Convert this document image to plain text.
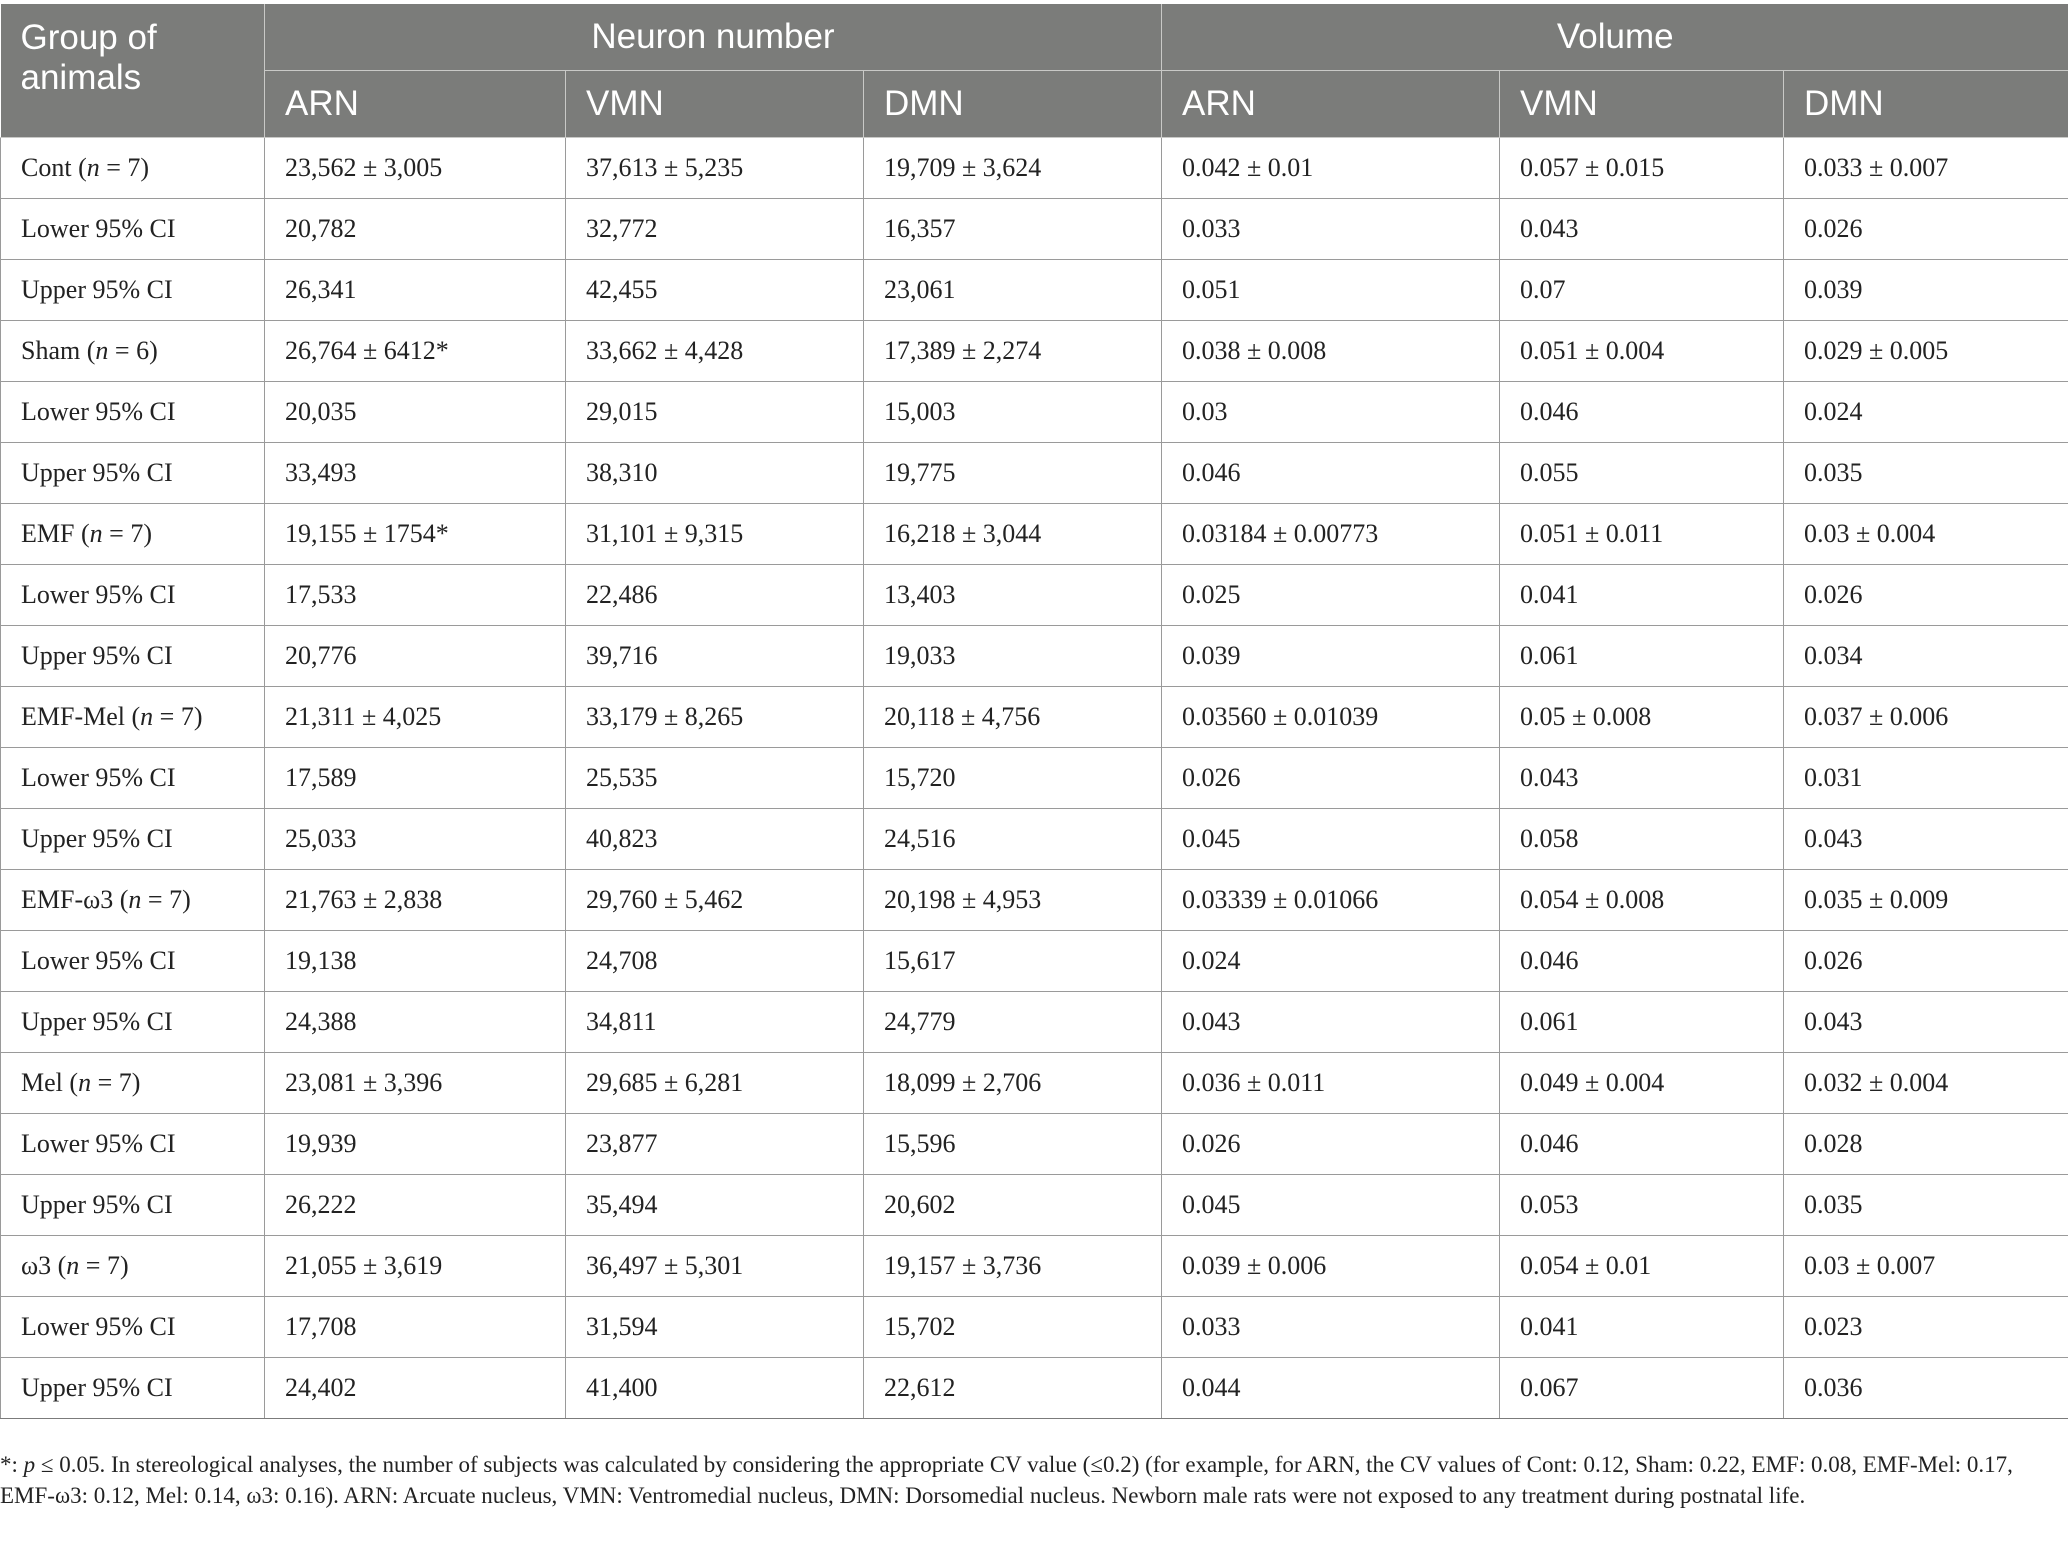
Group of animals	Neuron number			Volume		
	ARN	VMN	DMN	ARN	VMN	DMN
Cont (n = 7)	23,562 ± 3,005	37,613 ± 5,235	19,709 ± 3,624	0.042 ± 0.01	0.057 ± 0.015	0.033 ± 0.007
Lower 95% CI	20,782	32,772	16,357	0.033	0.043	0.026
Upper 95% CI	26,341	42,455	23,061	0.051	0.07	0.039
Sham (n = 6)	26,764 ± 6412*	33,662 ± 4,428	17,389 ± 2,274	0.038 ± 0.008	0.051 ± 0.004	0.029 ± 0.005
Lower 95% CI	20,035	29,015	15,003	0.03	0.046	0.024
Upper 95% CI	33,493	38,310	19,775	0.046	0.055	0.035
EMF (n = 7)	19,155 ± 1754*	31,101 ± 9,315	16,218 ± 3,044	0.03184 ± 0.00773	0.051 ± 0.011	0.03 ± 0.004
Lower 95% CI	17,533	22,486	13,403	0.025	0.041	0.026
Upper 95% CI	20,776	39,716	19,033	0.039	0.061	0.034
EMF-Mel (n = 7)	21,311 ± 4,025	33,179 ± 8,265	20,118 ± 4,756	0.03560 ± 0.01039	0.05 ± 0.008	0.037 ± 0.006
Lower 95% CI	17,589	25,535	15,720	0.026	0.043	0.031
Upper 95% CI	25,033	40,823	24,516	0.045	0.058	0.043
EMF-ω3 (n = 7)	21,763 ± 2,838	29,760 ± 5,462	20,198 ± 4,953	0.03339 ± 0.01066	0.054 ± 0.008	0.035 ± 0.009
Lower 95% CI	19,138	24,708	15,617	0.024	0.046	0.026
Upper 95% CI	24,388	34,811	24,779	0.043	0.061	0.043
Mel (n = 7)	23,081 ± 3,396	29,685 ± 6,281	18,099 ± 2,706	0.036 ± 0.011	0.049 ± 0.004	0.032 ± 0.004
Lower 95% CI	19,939	23,877	15,596	0.026	0.046	0.028
Upper 95% CI	26,222	35,494	20,602	0.045	0.053	0.035
ω3 (n = 7)	21,055 ± 3,619	36,497 ± 5,301	19,157 ± 3,736	0.039 ± 0.006	0.054 ± 0.01	0.03 ± 0.007
Lower 95% CI	17,708	31,594	15,702	0.033	0.041	0.023
Upper 95% CI	24,402	41,400	22,612	0.044	0.067	0.036
*: p ≤ 0.05. In stereological analyses, the number of subjects was calculated by considering the appropriate CV value (≤0.2) (for example, for ARN, the CV values of Cont: 0.12, Sham: 0.22, EMF: 0.08, EMF-Mel: 0.17, EMF-ω3: 0.12, Mel: 0.14, ω3: 0.16). ARN: Arcuate nucleus, VMN: Ventromedial nucleus, DMN: Dorsomedial nucleus. Newborn male rats were not exposed to any treatment during postnatal life.
